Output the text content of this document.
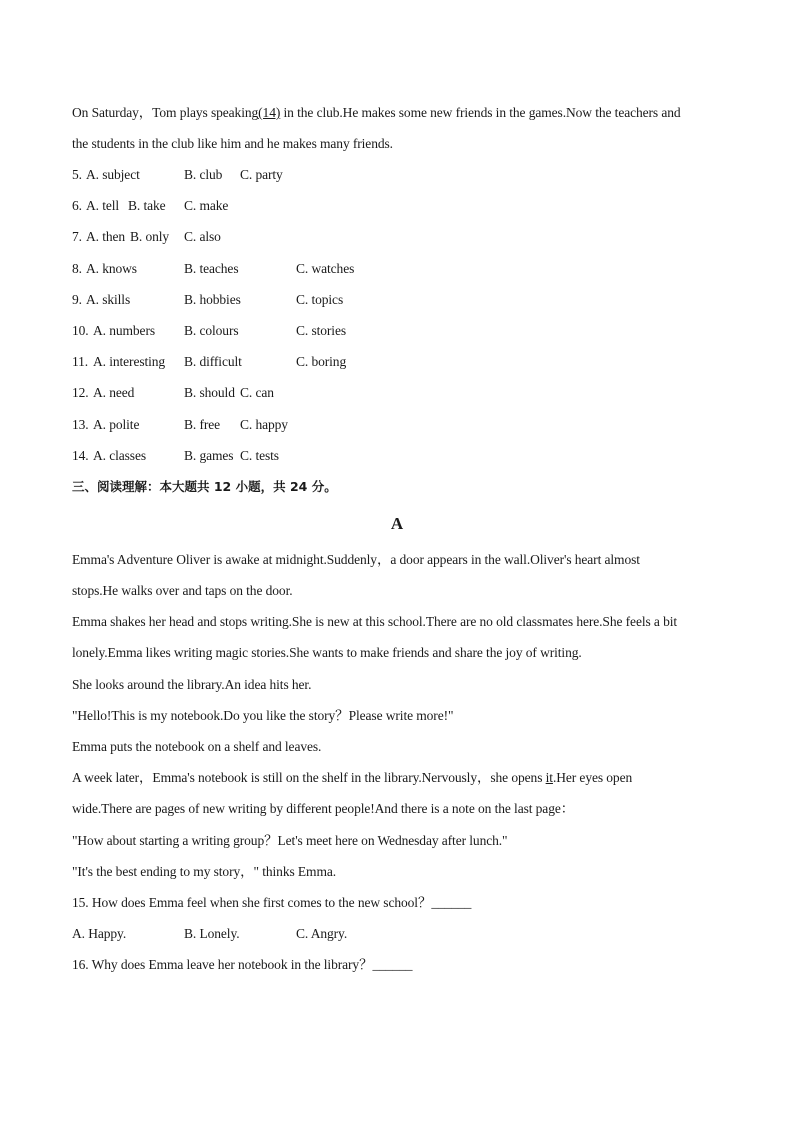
On Saturday，Tom plays speaking(14) in the club.He makes some new friends in the games.Now the teachers and
the students in the club like him and he makes many friends.
5. A. subject	B. club C. party
6. A. tell B. take C. make
7. A. then B. only C. also
8. A. knows	B. teaches	C. watches
9. A. skills	B. hobbies	C. topics
10. A. numbers B. colours	C. stories
11. A. interesting B. difficult	C. boring
12. A. need	B. should C. can
13. A. polite	B. free C. happy
14. A. classes	B. games C. tests
三、阅读理解：本大题共 12 小题，共 24 分。
A
Emma's Adventure Oliver is awake at midnight.Suddenly，a door appears in the wall.Oliver's heart almost
stops.He walks over and taps on the door.
Emma shakes her head and stops writing.She is new at this school.There are no old classmates here.She feels a bit
lonely.Emma likes writing magic stories.She wants to make friends and share the joy of writing.
She looks around the library.An idea hits her.
"Hello!This is my notebook.Do you like the story？Please write more!"
Emma puts the notebook on a shelf and leaves.
A week later，Emma's notebook is still on the shelf in the library.Nervously，she opens it.Her eyes open
wide.There are pages of new writing by different people!And there is a note on the last page：
"How about starting a writing group？Let's meet here on Wednesday after lunch."
"It's the best ending to my story，" thinks Emma.
15. How does Emma feel when she first comes to the new school？______
A. Happy.	B. Lonely.	C. Angry.
16. Why does Emma leave her notebook in the library？______
